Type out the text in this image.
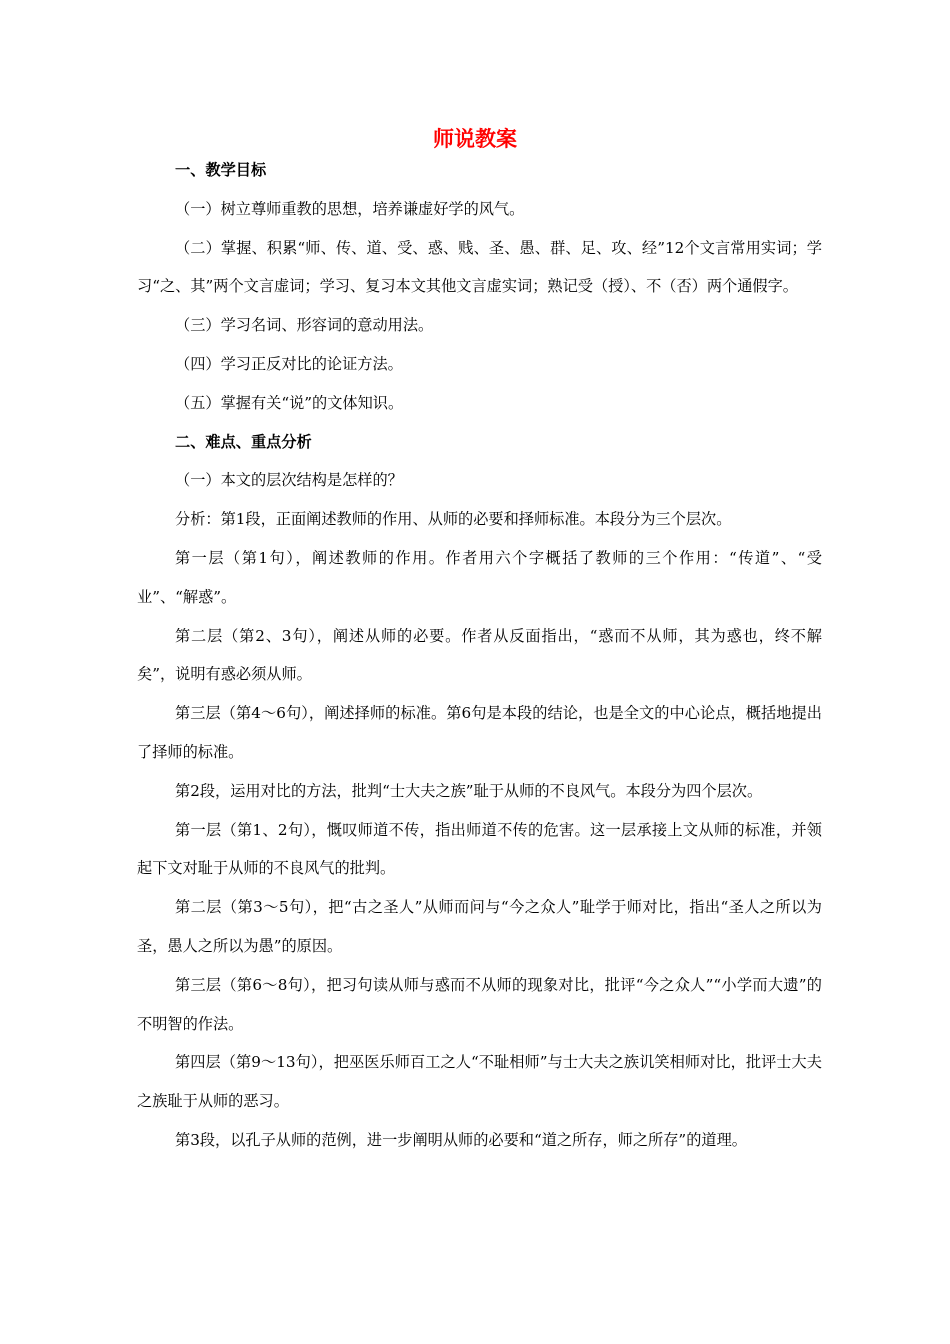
师说教案

一、教学目标

（一）树立尊师重教的思想，培养谦虚好学的风气。

（二）掌握、积累“师、传、道、受、惑、贱、圣、愚、群、足、攻、经”12个文言常用实词；学习“之、其”两个文言虚词；学习、复习本文其他文言虚实词；熟记受（授）、不（否）两个通假字。

（三）学习名词、形容词的意动用法。

（四）学习正反对比的论证方法。

（五）掌握有关“说”的文体知识。

二、难点、重点分析

（一）本文的层次结构是怎样的？

分析：第1段，正面阐述教师的作用、从师的必要和择师标准。本段分为三个层次。

第一层（第1句），阐述教师的作用。作者用六个字概括了教师的三个作用：“传道”、“受业”、“解惑”。

第二层（第2、3句），阐述从师的必要。作者从反面指出，“惑而不从师，其为惑也，终不解矣”，说明有惑必须从师。

第三层（第4～6句），阐述择师的标准。第6句是本段的结论，也是全文的中心论点，概括地提出了择师的标准。

第2段，运用对比的方法，批判“士大夫之族”耻于从师的不良风气。本段分为四个层次。

第一层（第1、2句），慨叹师道不传，指出师道不传的危害。这一层承接上文从师的标准，并领起下文对耻于从师的不良风气的批判。

第二层（第3～5句），把“古之圣人”从师而问与“今之众人”耻学于师对比，指出“圣人之所以为圣，愚人之所以为愚”的原因。

第三层（第6～8句），把习句读从师与惑而不从师的现象对比，批评“今之众人”“小学而大遗”的不明智的作法。

第四层（第9～13句），把巫医乐师百工之人“不耻相师”与士大夫之族讥笑相师对比，批评士大夫之族耻于从师的恶习。

第3段，以孔子从师的范例，进一步阐明从师的必要和“道之所存，师之所存”的道理。
